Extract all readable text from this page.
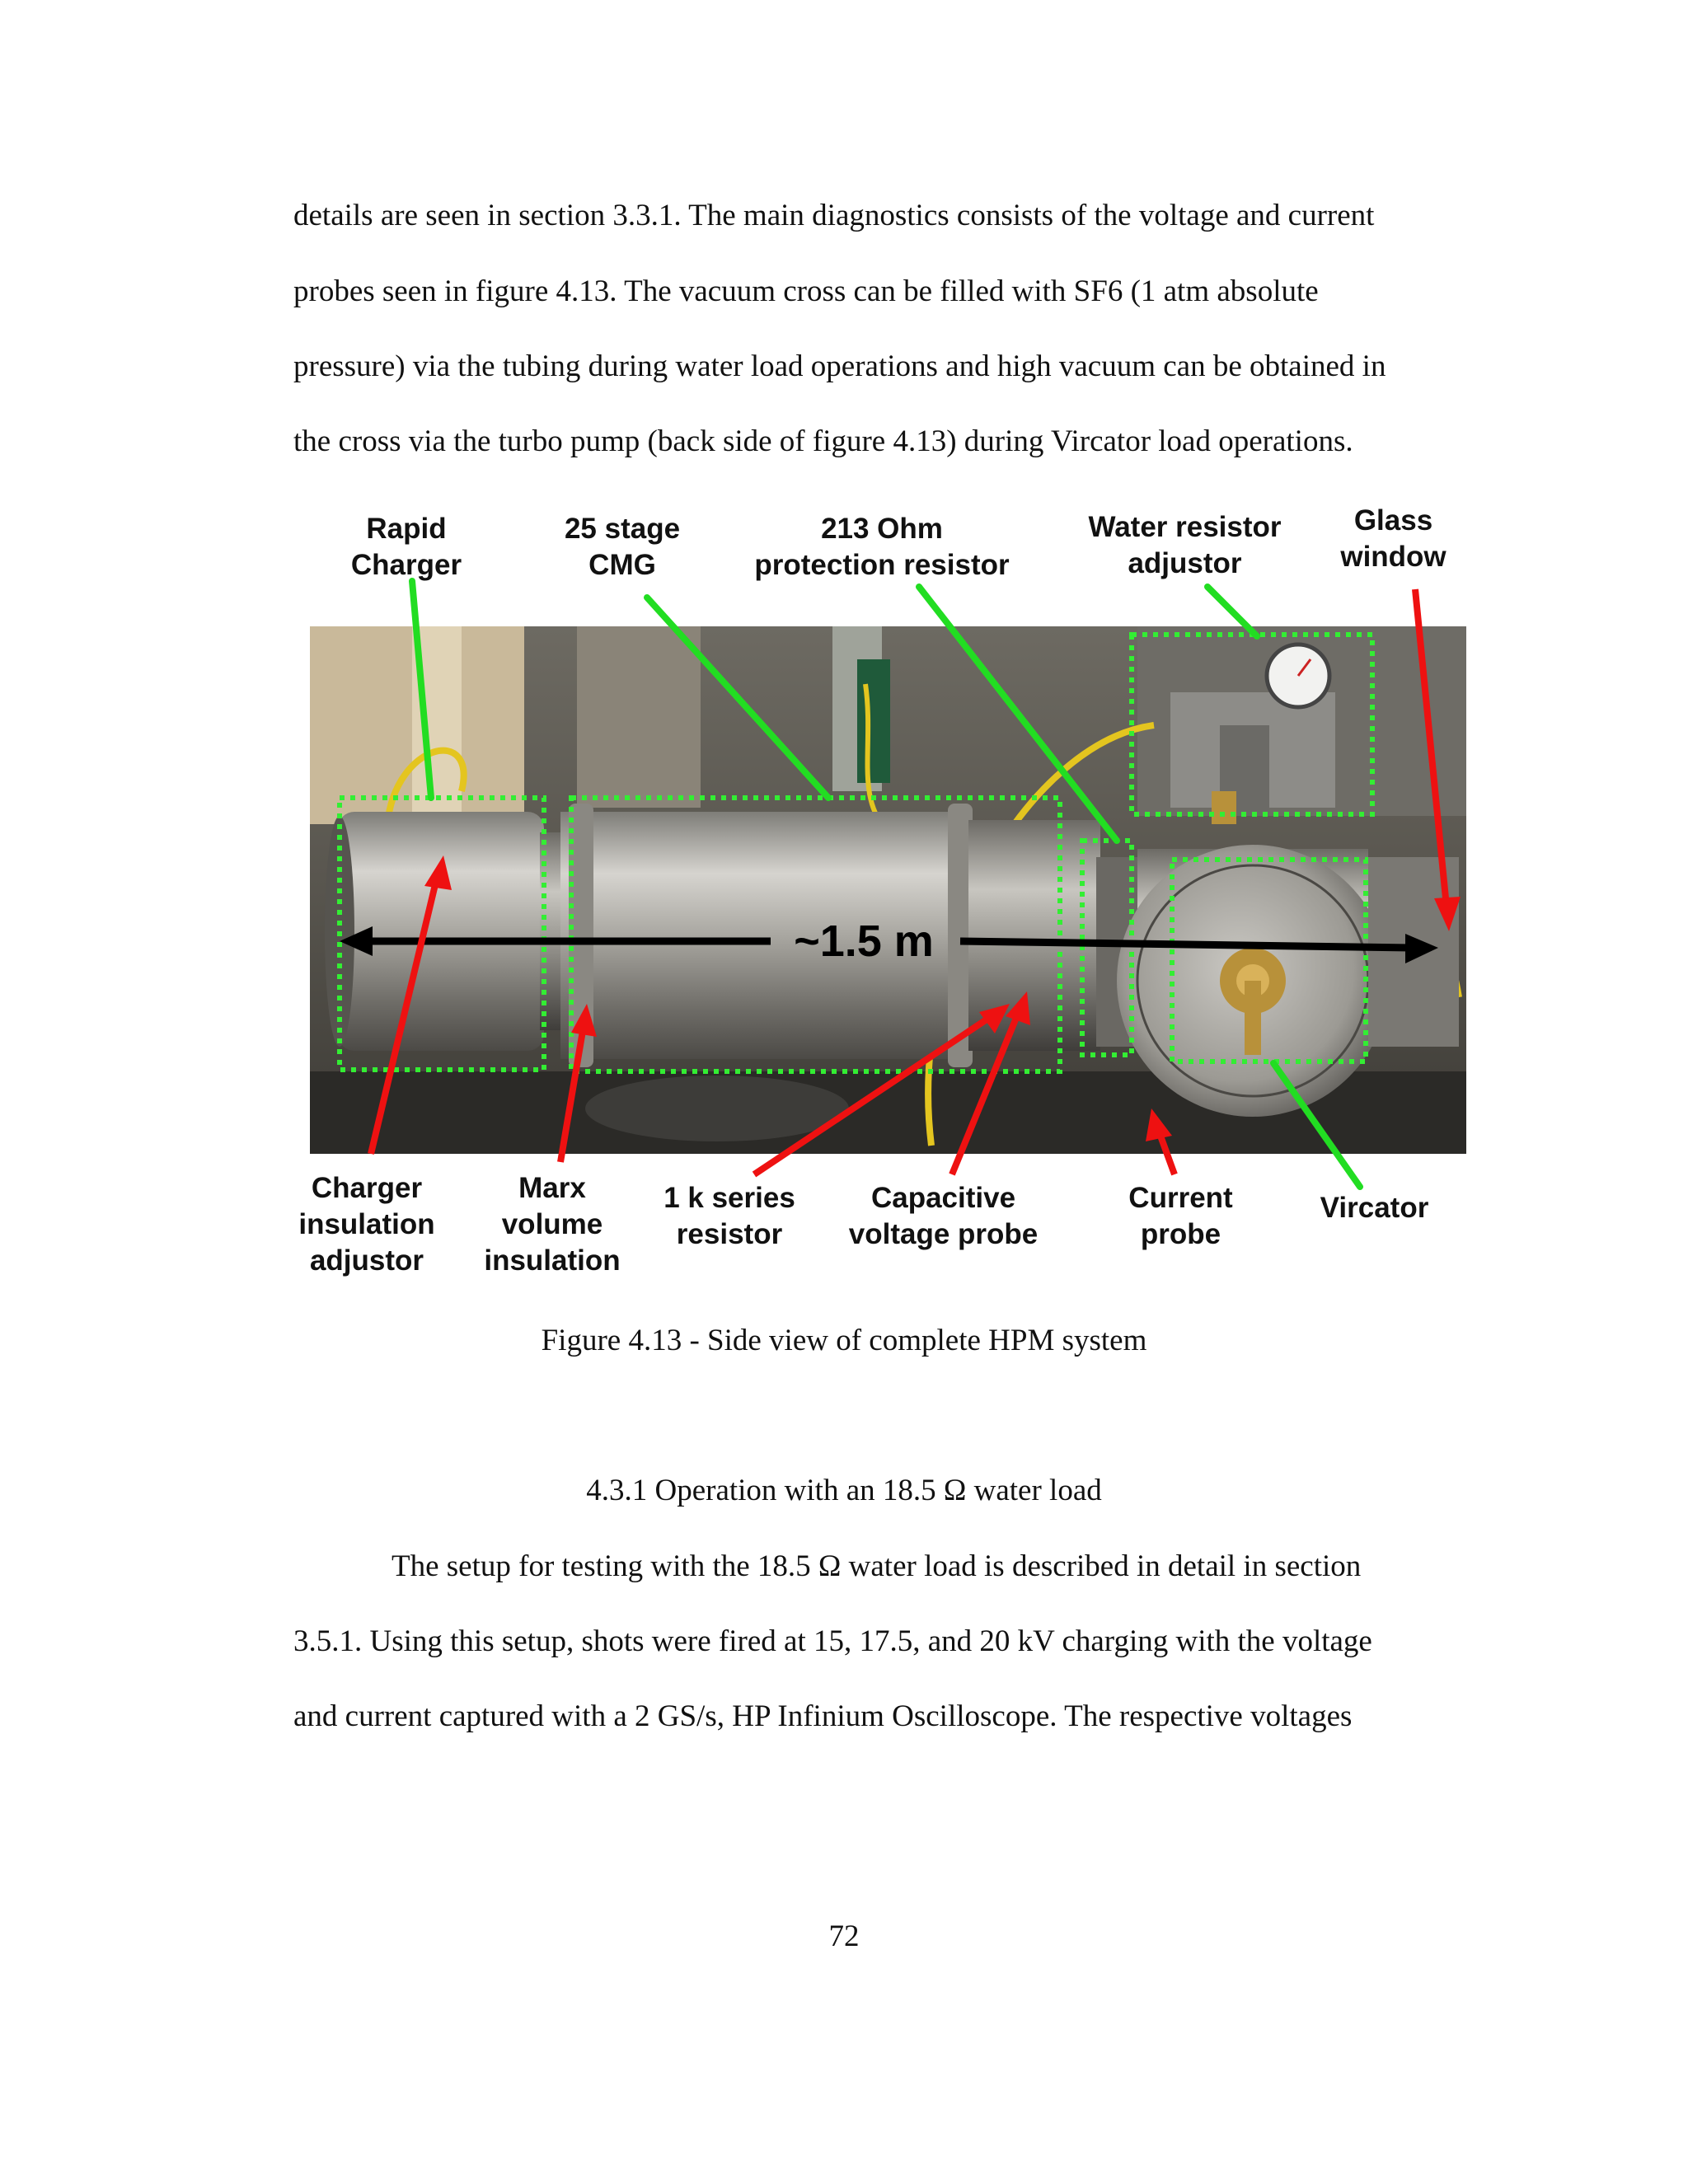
details are seen in section 3.3.1. The main diagnostics consists of the voltage and current
probes seen in figure 4.13. The vacuum cross can be filled with SF6 (1 atm absolute
pressure) via the tubing during water load operations and high vacuum can be obtained in
the cross via the turbo pump (back side of figure 4.13) during Vircator load operations.
~1.5 m
Rapid
Charger
25 stage
CMG
213 Ohm
protection resistor
Water resistor
adjustor
Glass
window
Charger
insulation
adjustor
Marx
volume
insulation
1 k series
resistor
Capacitive
voltage probe
Current
probe
Vircator
Figure 4.13 - Side view of complete HPM system
4.3.1 Operation with an 18.5 Ω water load
The setup for testing with the 18.5 Ω water load is described in detail in section
3.5.1. Using this setup, shots were fired at 15, 17.5, and 20 kV charging with the voltage
and current captured with a 2 GS/s, HP Infinium Oscilloscope. The respective voltages
72
